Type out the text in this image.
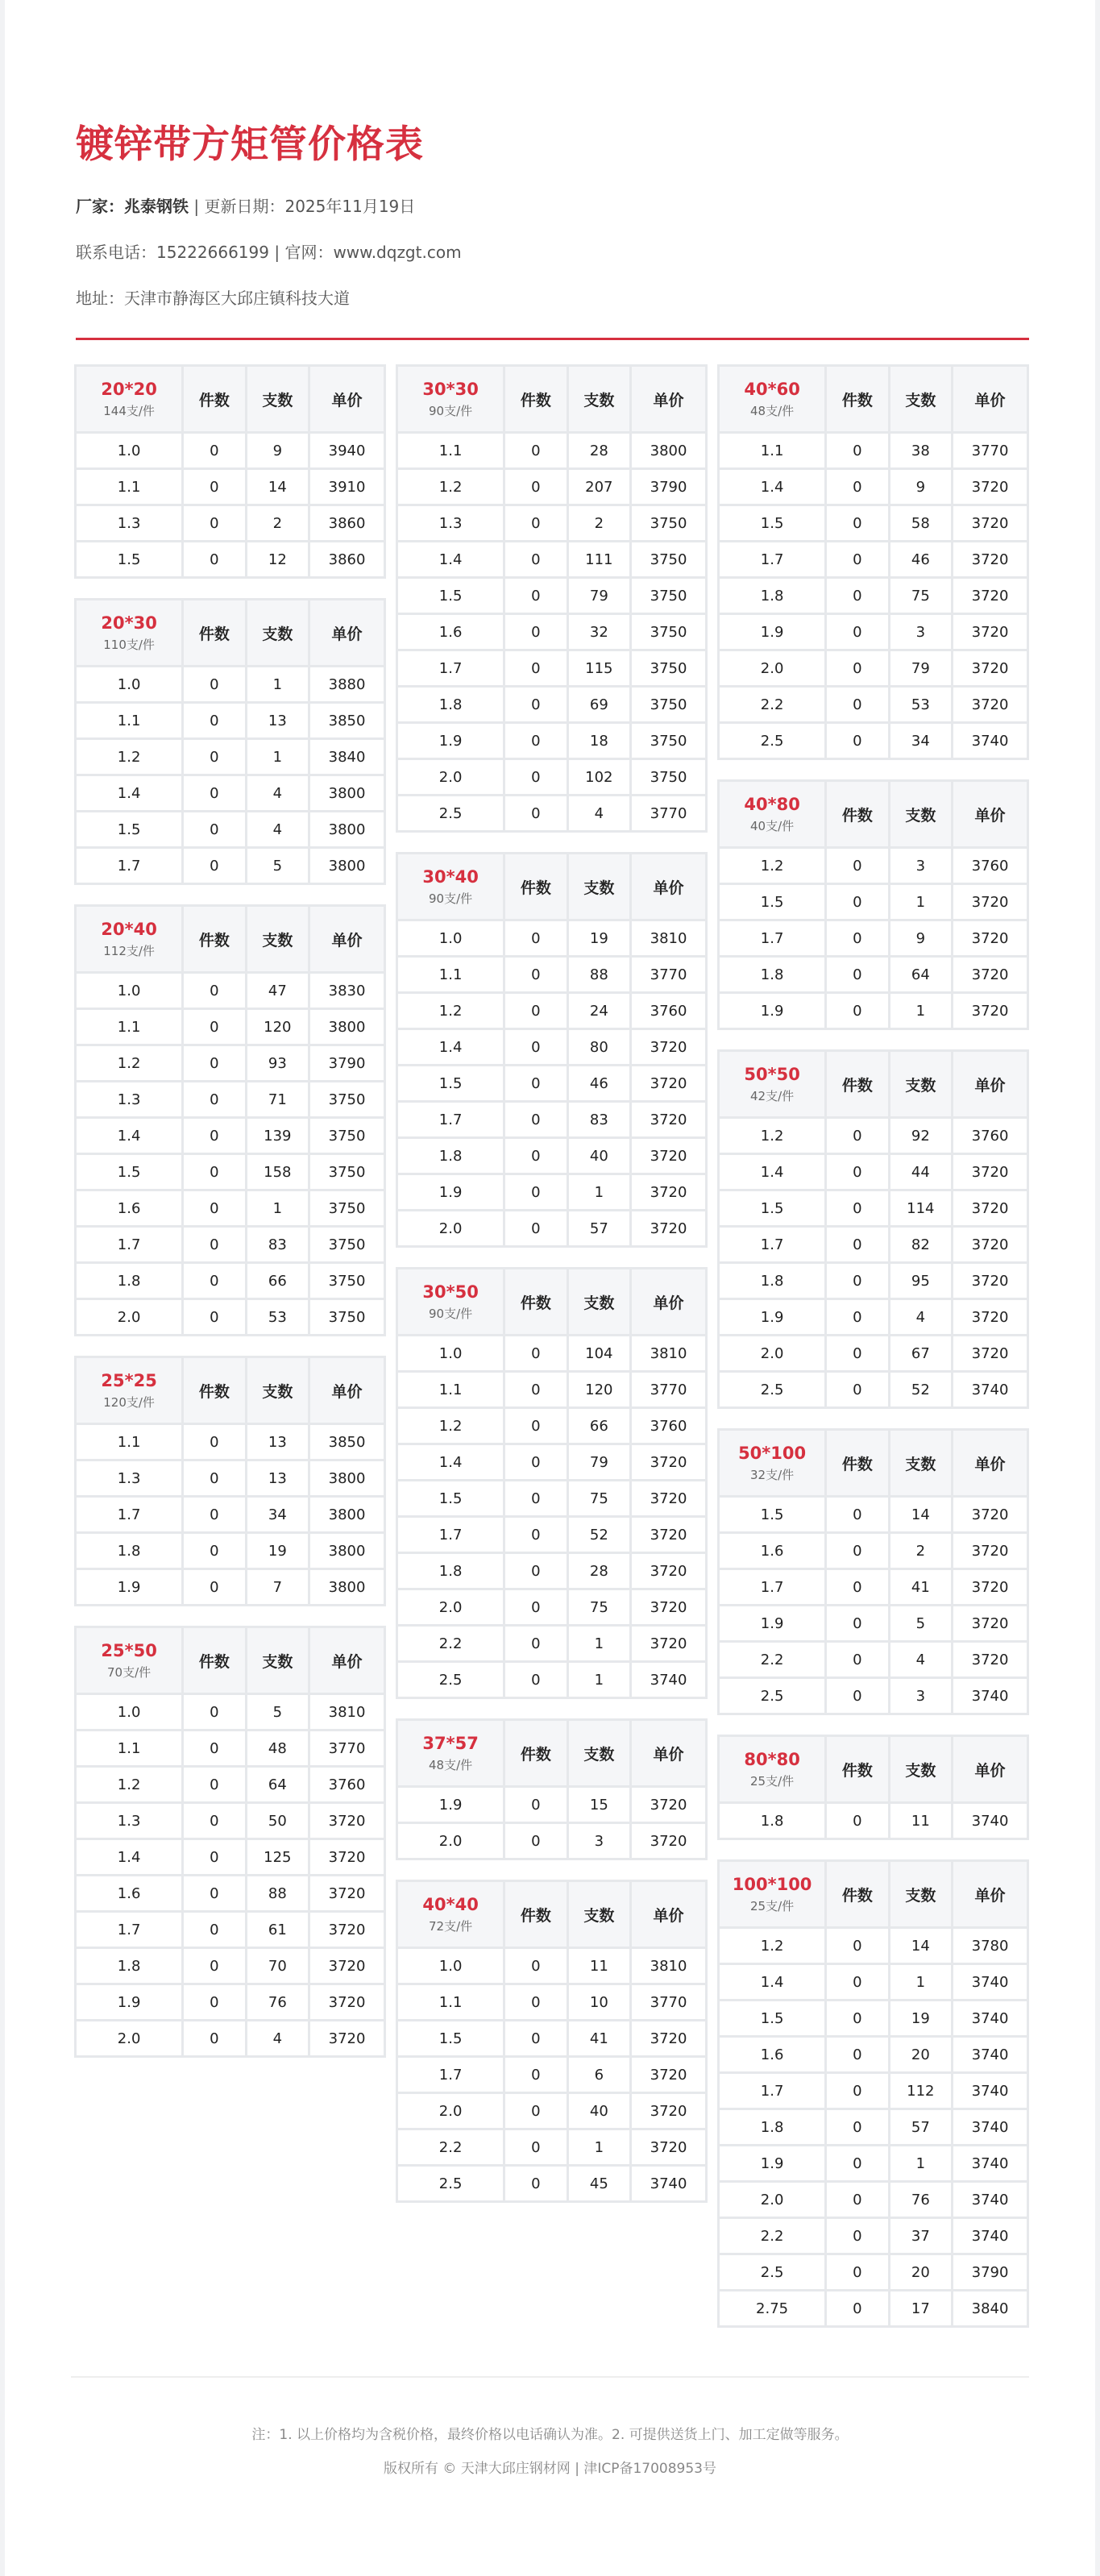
镀锌带方矩管价格表
厂家：兆泰钢铁 | 更新日期：2025年11月19日
联系电话：15222666199 | 官网：www.dqzgt.com
地址：天津市静海区大邱庄镇科技大道
20*20
144支/件	件数	支数	单价
1.0	0	9	3940
1.1	0	14	3910
1.3	0	2	3860
1.5	0	12	3860
20*30
110支/件	件数	支数	单价
1.0	0	1	3880
1.1	0	13	3850
1.2	0	1	3840
1.4	0	4	3800
1.5	0	4	3800
1.7	0	5	3800
20*40
112支/件	件数	支数	单价
1.0	0	47	3830
1.1	0	120	3800
1.2	0	93	3790
1.3	0	71	3750
1.4	0	139	3750
1.5	0	158	3750
1.6	0	1	3750
1.7	0	83	3750
1.8	0	66	3750
2.0	0	53	3750
25*25
120支/件	件数	支数	单价
1.1	0	13	3850
1.3	0	13	3800
1.7	0	34	3800
1.8	0	19	3800
1.9	0	7	3800
25*50
70支/件	件数	支数	单价
1.0	0	5	3810
1.1	0	48	3770
1.2	0	64	3760
1.3	0	50	3720
1.4	0	125	3720
1.6	0	88	3720
1.7	0	61	3720
1.8	0	70	3720
1.9	0	76	3720
2.0	0	4	3720
30*30
90支/件	件数	支数	单价
1.1	0	28	3800
1.2	0	207	3790
1.3	0	2	3750
1.4	0	111	3750
1.5	0	79	3750
1.6	0	32	3750
1.7	0	115	3750
1.8	0	69	3750
1.9	0	18	3750
2.0	0	102	3750
2.5	0	4	3770
30*40
90支/件	件数	支数	单价
1.0	0	19	3810
1.1	0	88	3770
1.2	0	24	3760
1.4	0	80	3720
1.5	0	46	3720
1.7	0	83	3720
1.8	0	40	3720
1.9	0	1	3720
2.0	0	57	3720
30*50
90支/件	件数	支数	单价
1.0	0	104	3810
1.1	0	120	3770
1.2	0	66	3760
1.4	0	79	3720
1.5	0	75	3720
1.7	0	52	3720
1.8	0	28	3720
2.0	0	75	3720
2.2	0	1	3720
2.5	0	1	3740
37*57
48支/件	件数	支数	单价
1.9	0	15	3720
2.0	0	3	3720
40*40
72支/件	件数	支数	单价
1.0	0	11	3810
1.1	0	10	3770
1.5	0	41	3720
1.7	0	6	3720
2.0	0	40	3720
2.2	0	1	3720
2.5	0	45	3740
40*60
48支/件	件数	支数	单价
1.1	0	38	3770
1.4	0	9	3720
1.5	0	58	3720
1.7	0	46	3720
1.8	0	75	3720
1.9	0	3	3720
2.0	0	79	3720
2.2	0	53	3720
2.5	0	34	3740
40*80
40支/件	件数	支数	单价
1.2	0	3	3760
1.5	0	1	3720
1.7	0	9	3720
1.8	0	64	3720
1.9	0	1	3720
50*50
42支/件	件数	支数	单价
1.2	0	92	3760
1.4	0	44	3720
1.5	0	114	3720
1.7	0	82	3720
1.8	0	95	3720
1.9	0	4	3720
2.0	0	67	3720
2.5	0	52	3740
50*100
32支/件	件数	支数	单价
1.5	0	14	3720
1.6	0	2	3720
1.7	0	41	3720
1.9	0	5	3720
2.2	0	4	3720
2.5	0	3	3740
80*80
25支/件	件数	支数	单价
1.8	0	11	3740
100*100
25支/件	件数	支数	单价
1.2	0	14	3780
1.4	0	1	3740
1.5	0	19	3740
1.6	0	20	3740
1.7	0	112	3740
1.8	0	57	3740
1.9	0	1	3740
2.0	0	76	3740
2.2	0	37	3740
2.5	0	20	3790
2.75	0	17	3840
注：1. 以上价格均为含税价格，最终价格以电话确认为准。2. 可提供送货上门、加工定做等服务。
版权所有 © 天津大邱庄钢材网 | 津ICP备17008953号
